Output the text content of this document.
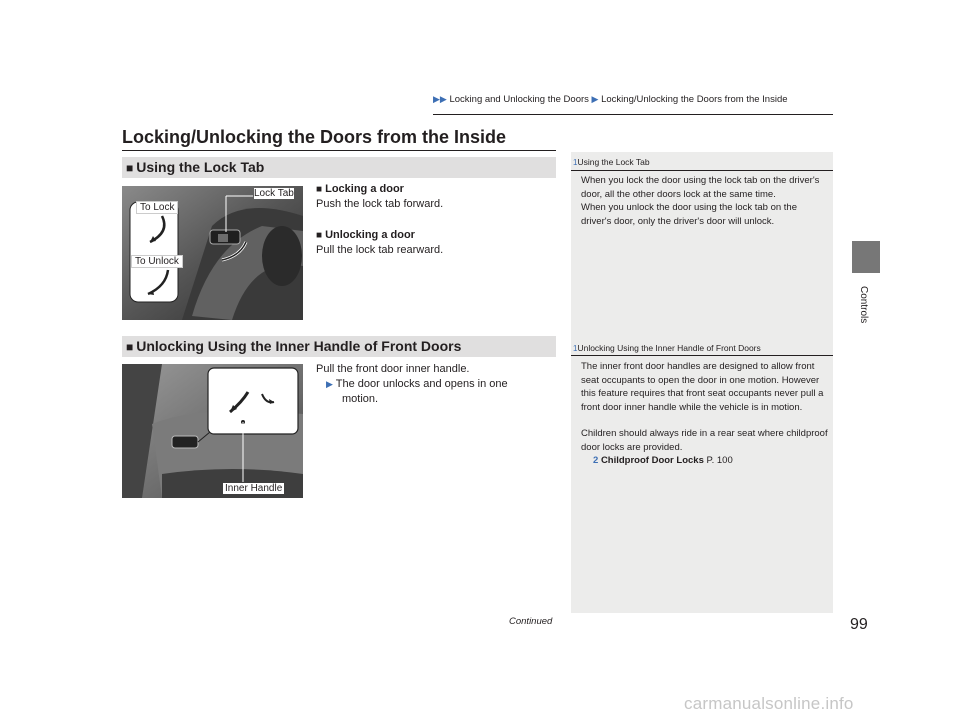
▶▶ Locking and Unlocking the Doors ▶ Locking/Unlocking the Doors from the Inside
Locking/Unlocking the Doors from the Inside
■ Using the Lock Tab
Lock Tab
To Lock
To Unlock
■ Locking a door
Push the lock tab forward.
■ Unlocking a door
Pull the lock tab rearward.
1Using the Lock Tab

When you lock the door using the lock tab on the driver's door, all the other doors lock at the same time.

When you unlock the door using the lock tab on the driver's door, only the driver's door will unlock.

■ Unlocking Using the Inner Handle of Front Doors
Inner Handle
Pull the front door inner handle.
▶ The door unlocks and opens in one
motion.
1Unlocking Using the Inner Handle of Front Doors

The inner front door handles are designed to allow front seat occupants to open the door in one motion. However this feature requires that front seat occupants never pull a front door inner handle while the vehicle is in motion.

Children should always ride in a rear seat where childproof door locks are provided.

2 Childproof Door Locks P. 100

Controls
Continued	99
carmanualsonline.info
